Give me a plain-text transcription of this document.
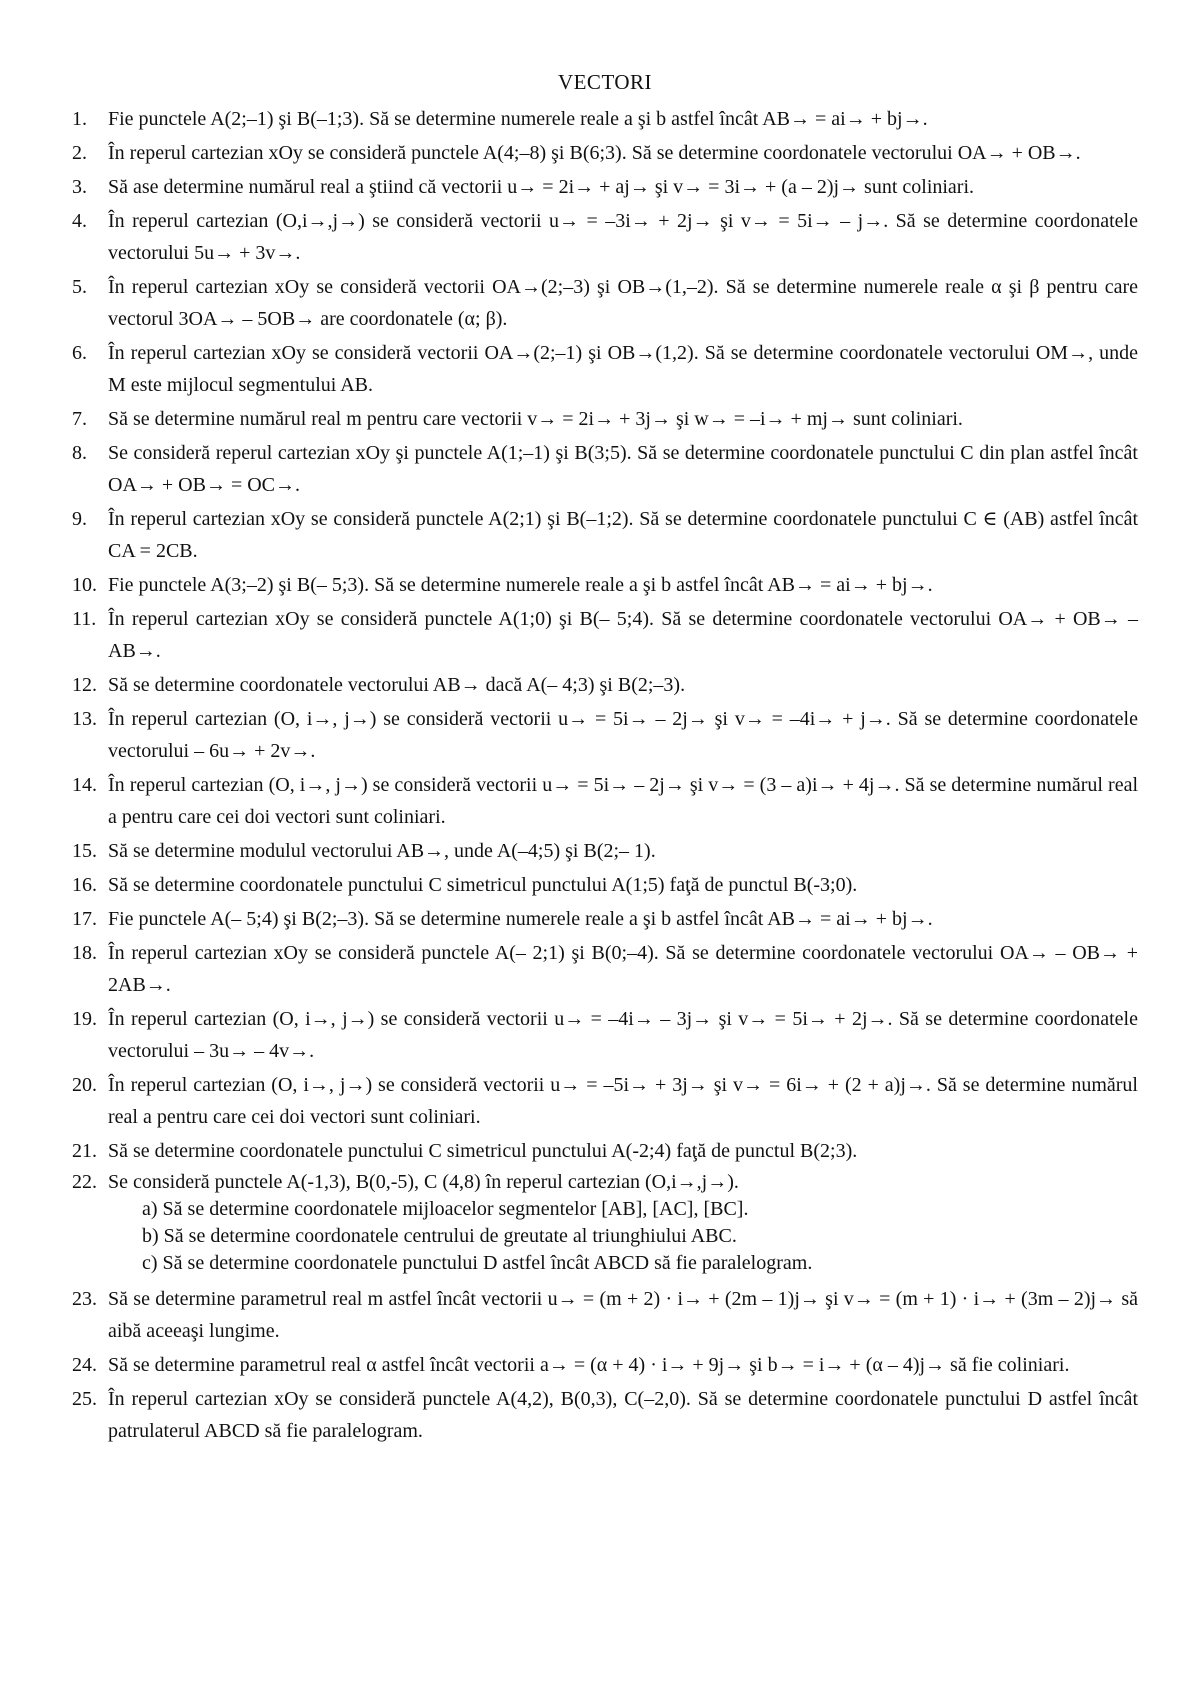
VECTORI
1.	Fie punctele A(2;–1) şi B(–1;3). Să se determine numerele reale a şi b astfel încât AB→ = ai→ + bj→.
2.	În reperul cartezian xOy se consideră punctele A(4;–8) şi B(6;3). Să se determine coordonatele vectorului OA→ + OB→.
3.	Să ase determine numărul real a ştiind că vectorii u→ = 2i→ + aj→ şi v→ = 3i→ + (a – 2)j→ sunt coliniari.
4.	În reperul cartezian (O,i→,j→) se consideră vectorii u→ = –3i→ + 2j→ şi v→ = 5i→ – j→. Să se determine coordonatele vectorului 5u→ + 3v→.
5.	În reperul cartezian xOy se consideră vectorii OA→(2;–3) şi OB→(1,–2). Să se determine numerele reale α şi β pentru care vectorul 3OA→ – 5OB→ are coordonatele (α; β).
6.	În reperul cartezian xOy se consideră vectorii OA→(2;–1) şi OB→(1,2). Să se determine coordonatele vectorului OM→, unde M este mijlocul segmentului AB.
7.	Să se determine numărul real m pentru care vectorii v→ = 2i→ + 3j→ şi w→ = –i→ + mj→ sunt coliniari.
8.	Se consideră reperul cartezian xOy şi punctele A(1;–1) şi B(3;5). Să se determine coordonatele punctului C din plan astfel încât OA→ + OB→ = OC→.
9.	În reperul cartezian xOy se consideră punctele A(2;1) şi B(–1;2). Să se determine coordonatele punctului C ∈ (AB) astfel încât CA = 2CB.
10. Fie punctele A(3;–2) şi B(– 5;3). Să se determine numerele reale a şi b astfel încât AB→ = ai→ + bj→.
11. În reperul cartezian xOy se consideră punctele A(1;0) şi B(– 5;4). Să se determine coordonatele vectorului OA→ + OB→ – AB→.
12. Să se determine coordonatele vectorului AB→ dacă A(– 4;3) şi B(2;–3).
13. În reperul cartezian (O, i→, j→) se consideră vectorii u→ = 5i→ – 2j→ şi v→ = –4i→ + j→. Să se determine coordonatele vectorului – 6u→ + 2v→.
14. În reperul cartezian (O, i→, j→) se consideră vectorii u→ = 5i→ – 2j→ şi v→ = (3 – a)i→ + 4j→. Să se determine numărul real a pentru care cei doi vectori sunt coliniari.
15. Să se determine modulul vectorului AB→, unde A(–4;5) şi B(2;– 1).
16. Să se determine coordonatele punctului C simetricul punctului A(1;5) faţă de punctul B(-3;0).
17. Fie punctele A(– 5;4) şi B(2;–3). Să se determine numerele reale a şi b astfel încât AB→ = ai→ + bj→.
18. În reperul cartezian xOy se consideră punctele A(– 2;1) şi B(0;–4). Să se determine coordonatele vectorului OA→ – OB→ + 2AB→.
19. În reperul cartezian (O, i→, j→) se consideră vectorii u→ = –4i→ – 3j→ şi v→ = 5i→ + 2j→. Să se determine coordonatele vectorului – 3u→ – 4v→.
20. În reperul cartezian (O, i→, j→) se consideră vectorii u→ = –5i→ + 3j→ şi v→ = 6i→ + (2 + a)j→. Să se determine numărul real a pentru care cei doi vectori sunt coliniari.
21. Să se determine coordonatele punctului C simetricul punctului A(-2;4) faţă de punctul B(2;3).
22. Se consideră punctele A(-1,3), B(0,-5), C (4,8) în reperul cartezian (O,i→,j→).
a) Să se determine coordonatele mijloacelor segmentelor [AB], [AC], [BC].
b) Să se determine coordonatele centrului de greutate al triunghiului ABC.
c) Să se determine coordonatele punctului D astfel încât ABCD să fie paralelogram.
23. Să se determine parametrul real m astfel încât vectorii u→ = (m + 2) · i→ + (2m – 1)j→ şi v→ = (m + 1) · i→ + (3m – 2)j→ să aibă aceeaşi lungime.
24. Să se determine parametrul real α astfel încât vectorii a→ = (α + 4) · i→ + 9j→ şi b→ = i→ + (α – 4)j→ să fie coliniari.
25. În reperul cartezian xOy se consideră punctele A(4,2), B(0,3), C(–2,0). Să se determine coordonatele punctului D astfel încât patrulaterul ABCD să fie paralelogram.
